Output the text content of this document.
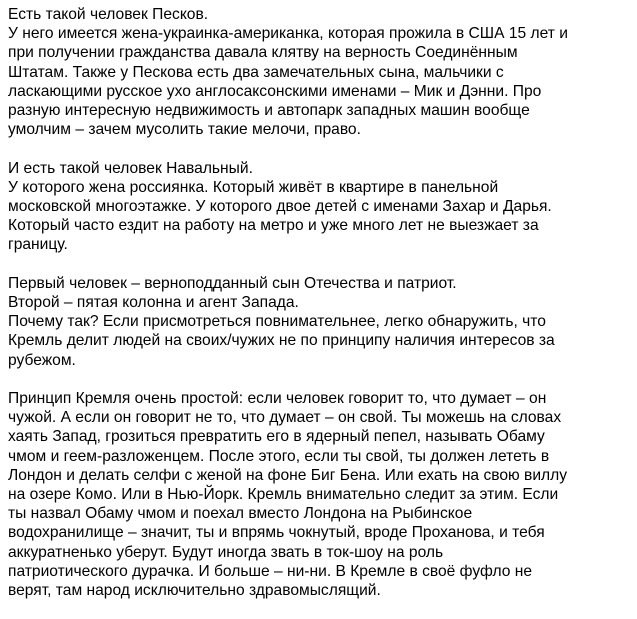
Есть такой человек Песков.
У него имеется жена-украинка-американка, которая прожила в США 15 лет и
при получении гражданства давала клятву на верность Соединённым
Штатам. Также у Пескова есть два замечательных сына, мальчики с
ласкающими русское ухо англосаксонскими именами – Мик и Дэнни. Про
разную интересную недвижимость и автопарк западных машин вообще
умолчим – зачем мусолить такие мелочи, право.
И есть такой человек Навальный.
У которого жена россиянка. Который живёт в квартире в панельной
московской многоэтажке. У которого двое детей с именами Захар и Дарья.
Который часто ездит на работу на метро и уже много лет не выезжает за
границу.
Первый человек – верноподданный сын Отечества и патриот.
Второй – пятая колонна и агент Запада.
Почему так? Если присмотреться повнимательнее, легко обнаружить, что
Кремль делит людей на своих/чужих не по принципу наличия интересов за
рубежом.
Принцип Кремля очень простой: если человек говорит то, что думает – он
чужой. А если он говорит не то, что думает – он свой. Ты можешь на словах
хаять Запад, грозиться превратить его в ядерный пепел, называть Обаму
чмом и геем-разложенцем. После этого, если ты свой, ты должен лететь в
Лондон и делать селфи с женой на фоне Биг Бена. Или ехать на свою виллу
на озере Комо. Или в Нью-Йорк. Кремль внимательно следит за этим. Если
ты назвал Обаму чмом и поехал вместо Лондона на Рыбинское
водохранилище – значит, ты и впрямь чокнутый, вроде Проханова, и тебя
аккуратненько уберут. Будут иногда звать в ток-шоу на роль
патриотического дурачка. И больше – ни-ни. В Кремле в своё фуфло не
верят, там народ исключительно здравомыслящий.
